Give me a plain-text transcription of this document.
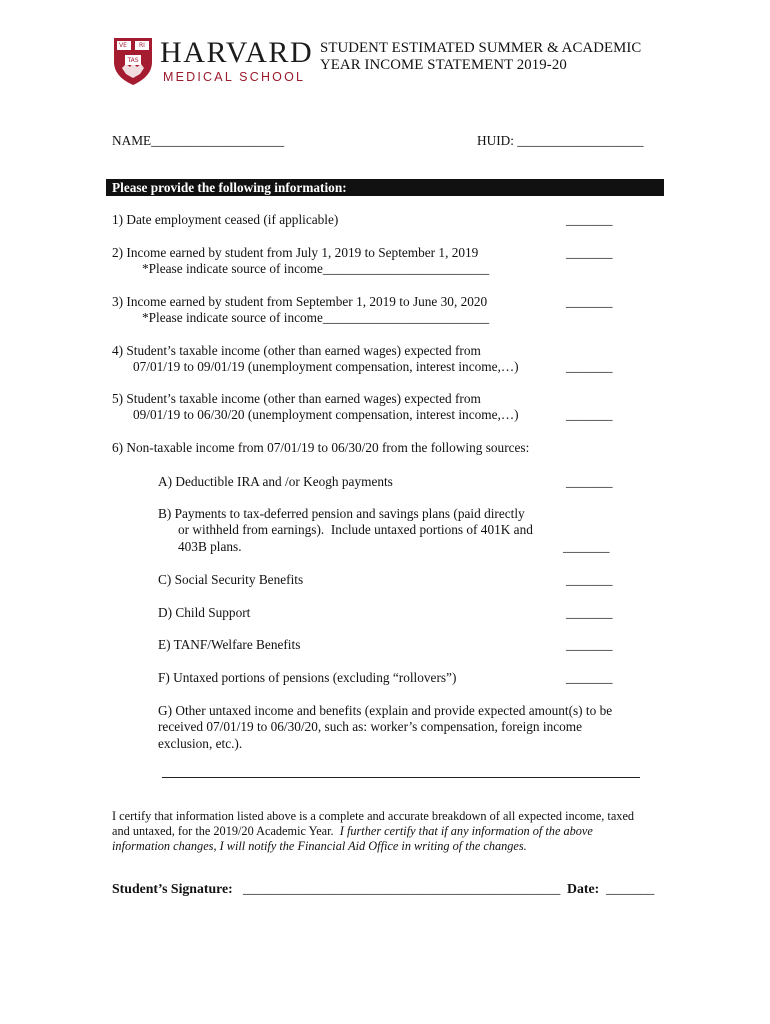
VE	RI
TAS HARVARD
MEDICAL SCHOOL
STUDENT ESTIMATED SUMMER & ACADEMIC
YEAR INCOME STATEMENT 2019-20
NAME____________________	HUID: ___________________
Please provide the following information:
1) Date employment ceased (if applicable)	_______
2) Income earned by student from July 1, 2019 to September 1, 2019	_______
*Please indicate source of income_________________________
3) Income earned by student from September 1, 2019 to June 30, 2020	_______
*Please indicate source of income_________________________
4) Student’s taxable income (other than earned wages) expected from
07/01/19 to 09/01/19 (unemployment compensation, interest income,…)	_______
5) Student’s taxable income (other than earned wages) expected from
09/01/19 to 06/30/20 (unemployment compensation, interest income,…)	_______
6) Non-taxable income from 07/01/19 to 06/30/20 from the following sources:
A) Deductible IRA and /or Keogh payments	_______
B) Payments to tax-deferred pension and savings plans (paid directly
or withheld from earnings).  Include untaxed portions of 401K and
403B plans.	_______
C) Social Security Benefits	_______
D) Child Support	_______
E) TANF/Welfare Benefits	_______
F) Untaxed portions of pensions (excluding “rollovers”)	_______
G) Other untaxed income and benefits (explain and provide expected amount(s) to be
received 07/01/19 to 06/30/20, such as: worker’s compensation, foreign income
exclusion, etc.).
I certify that information listed above is a complete and accurate breakdown of all expected income, taxed
and untaxed, for the 2019/20 Academic Year.  I further certify that if any information of the above
information changes, I will notify the Financial Aid Office in writing of the changes.
Student’s Signature: ______________________________________________ Date: _______
